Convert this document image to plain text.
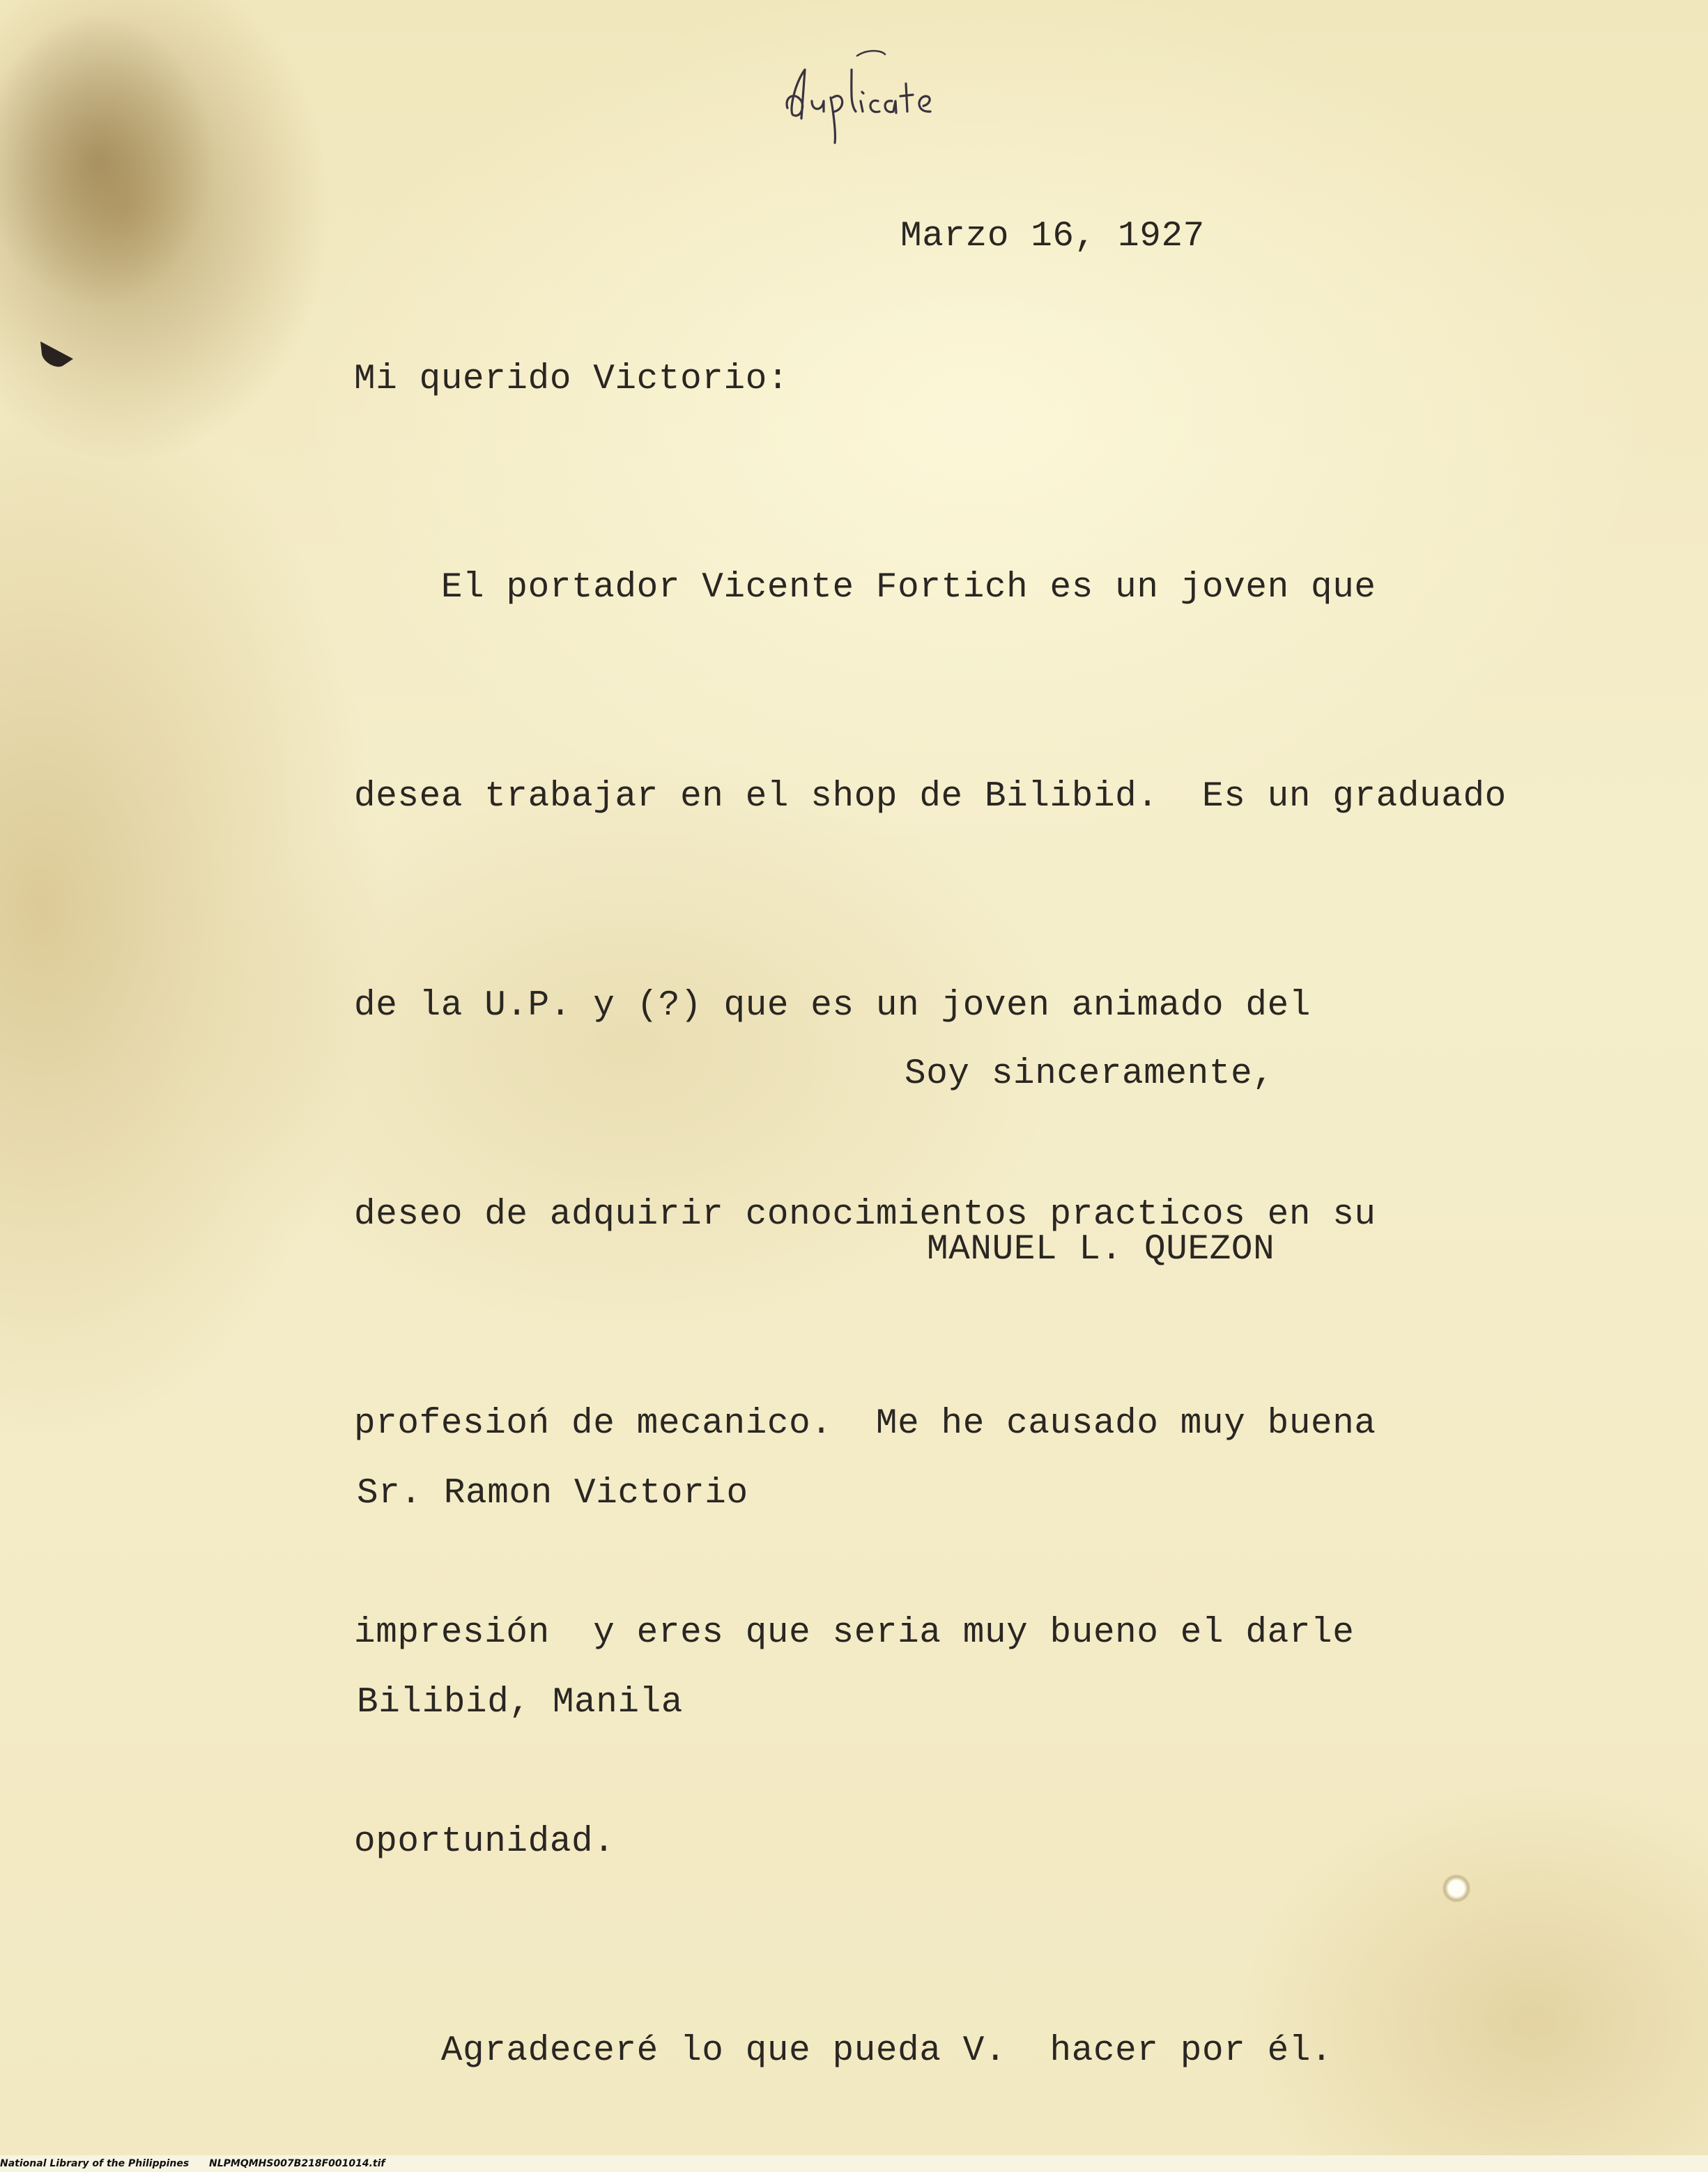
Marzo 16, 1927

Mi querido Victorio:

El portador Vicente Fortich es un joven que

desea trabajar en el shop de Bilibid.  Es un graduado

de la U.P. y (?) que es un joven animado del

deseo de adquirir conocimientos practicos en su

profesioń de mecanico.  Me he causado muy buena

impresión  y eres que seria muy bueno el darle

oportunidad.

Agradeceré lo que pueda V.  hacer por él.

Soy sinceramente,

MANUEL L. QUEZON

Sr. Ramon Victorio

Bilibid, Manila

National Library of the Philippines NLPMQMHS007B218F001014.tif
